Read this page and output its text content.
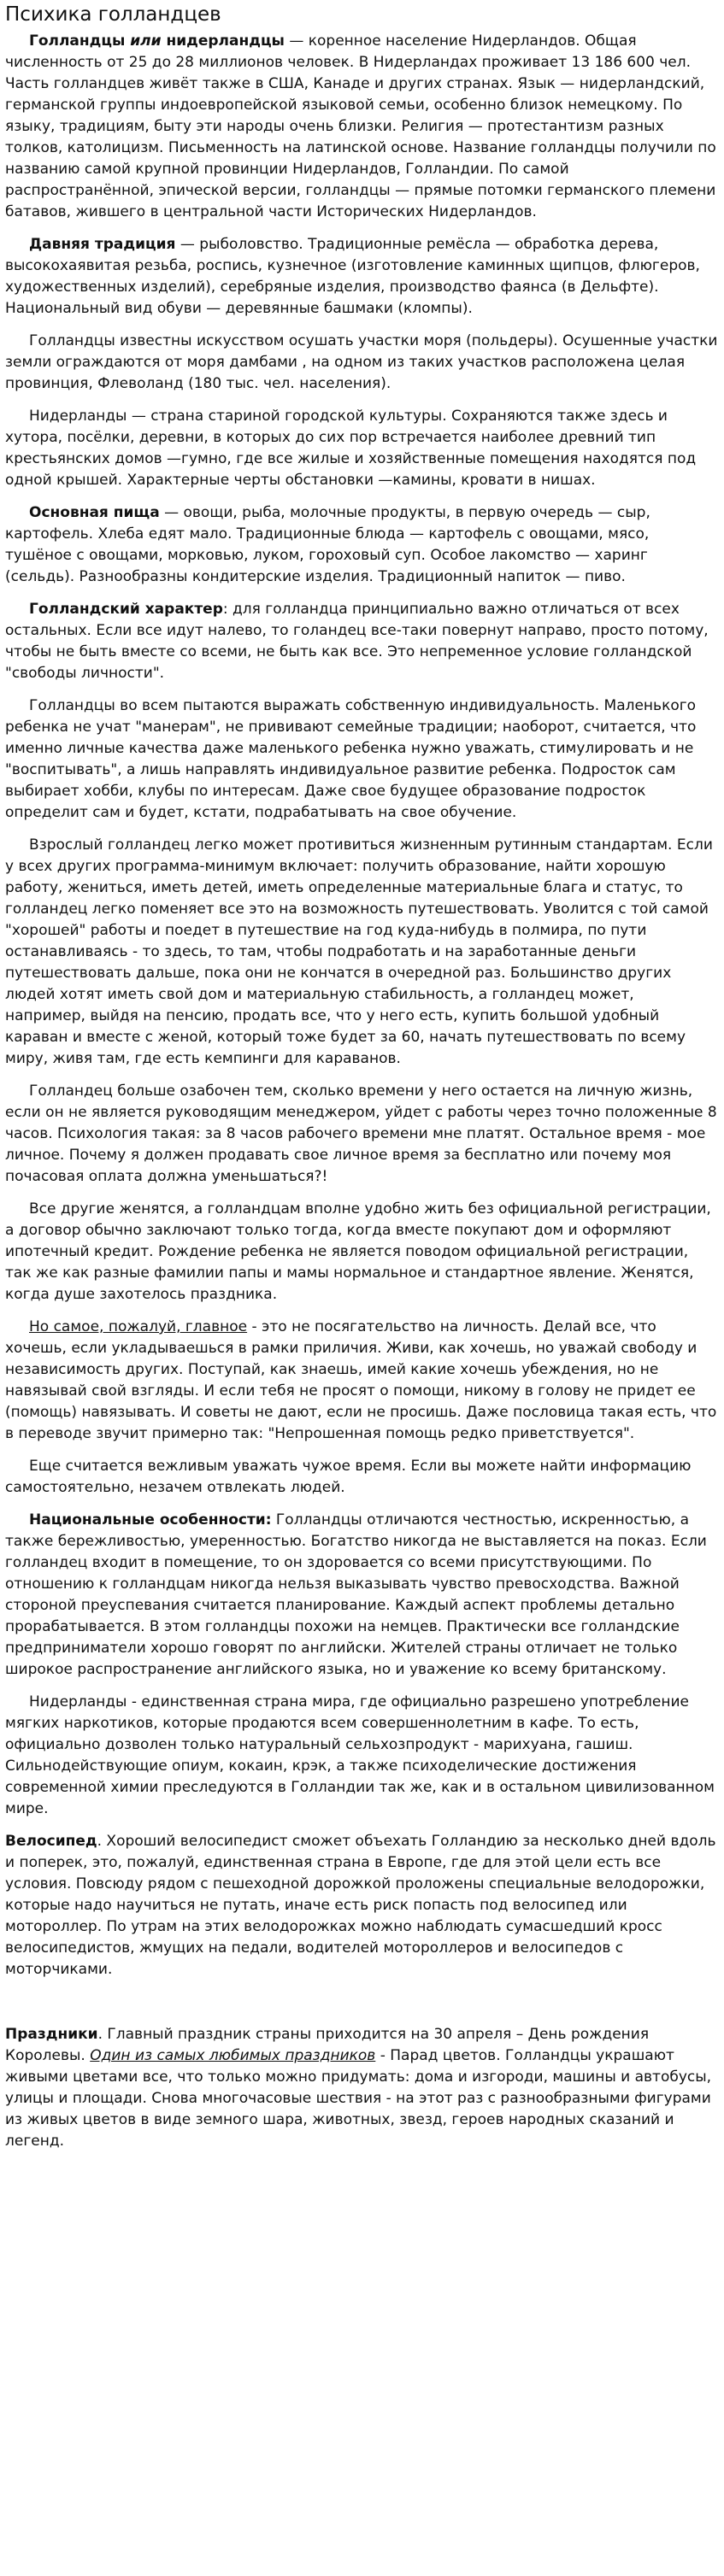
Психика голландцев

Голландцы или нидерландцы — коренное население Нидерландов. Общая численность от 25 до 28 миллионов человек. В Нидерландах проживает 13 186 600 чел. Часть голландцев живёт также в США, Канаде и других странах. Язык — нидерландский, германской группы индоевропейской языковой семьи, особенно близок немецкому. По языку, традициям, быту эти народы очень близки. Религия — протестантизм разных толков, католицизм. Письменность на латинской основе. Название голландцы получили по названию самой крупной провинции Нидерландов, Голландии. По самой распространённой, эпической версии, голландцы — прямые потомки германского племени батавов, жившего в центральной части Исторических Нидерландов.

Давняя традиция — рыболовство. Традиционные ремёсла — обработка дерева, высокохаявитая резьба, роспись, кузнечное (изготовление каминных щипцов, флюгеров, художественных изделий), серебряные изделия, производство фаянса (в Дельфте). Национальный вид обуви — деревянные башмаки (кломпы).

Голландцы известны искусством осушать участки моря (польдеры). Осушенные участки земли ограждаются от моря дамбами , на одном из таких участков расположена целая провинция, Флеволанд (180 тыс. чел. населения).

Нидерланды — страна стариной городской культуры. Сохраняются также здесь и хутора, посёлки, деревни, в которых до сих пор встречается наиболее древний тип крестьянских домов —гумно, где все жилые и хозяйственные помещения находятся под одной крышей. Характерные черты обстановки —камины, кровати в нишах.

Основная пища — овощи, рыба, молочные продукты, в первую очередь — сыр, картофель. Хлеба едят мало. Традиционные блюда — картофель с овощами, мясо, тушёное с овощами, морковью, луком, гороховый суп. Особое лакомство — харинг (сельдь). Разнообразны кондитерские изделия. Традиционный напиток — пиво.

Голландский характер: для голландца принципиально важно отличаться от всех остальных. Если все идут налево, то голандец все-таки повернут направо, просто потому, чтобы не быть вместе со всеми, не быть как все. Это непременное условие голландской "свободы личности".

Голландцы во всем пытаются выражать собственную индивидуальность. Маленького ребенка не учат "манерам", не прививают семейные традиции; наоборот, считается, что именно личные качества даже маленького ребенка нужно уважать, стимулировать и не "воспитывать", а лишь направлять индивидуальное развитие ребенка. Подросток сам выбирает хобби, клубы по интересам. Даже свое будущее образование подросток определит сам и будет, кстати, подрабатывать на свое обучение.

Взрослый голландец легко может противиться жизненным рутинным стандартам. Если у всех других программа-минимум включает: получить образование, найти хорошую работу, жениться, иметь детей, иметь определенные материальные блага и статус, то голландец легко поменяет все это на возможность путешествовать. Уволится с той самой "хорошей" работы и поедет в путешествие на год куда-нибудь в полмира, по пути останавливаясь - то здесь, то там, чтобы подработать и на заработанные деньги путешествовать дальше, пока они не кончатся в очередной раз. Большинство других людей хотят иметь свой дом и материальную стабильность, а голландец может, например, выйдя на пенсию, продать все, что у него есть, купить большой удобный караван и вместе с женой, который тоже будет за 60, начать путешествовать по всему миру, живя там, где есть кемпинги для караванов.

Голландец больше озабочен тем, сколько времени у него остается на личную жизнь, если он не является руководящим менеджером, уйдет с работы через точно положенные 8 часов. Психология такая: за 8 часов рабочего времени мне платят. Остальное время - мое личное. Почему я должен продавать свое личное время за бесплатно или почему моя почасовая оплата должна уменьшаться?!

Все другие женятся, а голландцам вполне удобно жить без официальной регистрации, а договор обычно заключают только тогда, когда вместе покупают дом и оформляют ипотечный кредит. Рождение ребенка не является поводом официальной регистрации, так же как разные фамилии папы и мамы нормальное и стандартное явление. Женятся, когда душе захотелось праздника.

Но самое, пожалуй, главное - это не посягательство на личность. Делай все, что хочешь, если укладываешься в рамки приличия. Живи, как хочешь, но уважай свободу и независимость других. Поступай, как знаешь, имей какие хочешь убеждения, но не навязывай свой взгляды. И если тебя не просят о помощи, никому в голову не придет ее (помощь) навязывать. И советы не дают, если не просишь. Даже пословица такая есть, что в переводе звучит примерно так: "Непрошенная помощь редко приветствуется".

Еще считается вежливым уважать чужое время. Если вы можете найти информацию самостоятельно, незачем отвлекать людей.

Национальные особенности: Голландцы отличаются честностью, искренностью, а также бережливостью, умеренностью. Богатство никогда не выставляется на показ. Если голландец входит в помещение, то он здоровается со всеми присутствующими. По отношению к голландцам никогда нельзя выказывать чувство превосходства. Важной стороной преуспевания считается планирование. Каждый аспект проблемы детально прорабатывается. В этом голландцы похожи на немцев. Практически все голландские предприниматели хорошо говорят по английски. Жителей страны отличает не только широкое распространение английского языка, но и уважение ко всему британскому.

Нидерланды - единственная страна мира, где официально разрешено употребление мягких наркотиков, которые продаются всем совершеннолетним в кафе. То есть, официально дозволен только натуральный сельхозпродукт - марихуана, гашиш. Сильнодействующие опиум, кокаин, крэк, а также психоделические достижения современной химии преследуются в Голландии так же, как и в остальном цивилизованном мире.

Велосипед. Хороший велосипедист сможет объехать Голландию за несколько дней вдоль и поперек, это, пожалуй, единственная страна в Европе, где для этой цели есть все условия. Повсюду рядом с пешеходной дорожкой проложены специальные велодорожки, которые надо научиться не путать, иначе есть риск попасть под велосипед или мотороллер. По утрам на этих велодорожках можно наблюдать сумасшедший кросс велосипедистов, жмущих на педали, водителей мотороллеров и велосипедов с моторчиками.

Праздники. Главный праздник страны приходится на 30 апреля – День рождения Королевы. Один из самых любимых праздников - Парад цветов. Голландцы украшают живыми цветами все, что только можно придумать: дома и изгороди, машины и автобусы, улицы и площади. Снова многочасовые шествия - на этот раз с разнообразными фигурами из живых цветов в виде земного шара, животных, звезд, героев народных сказаний и легенд.
